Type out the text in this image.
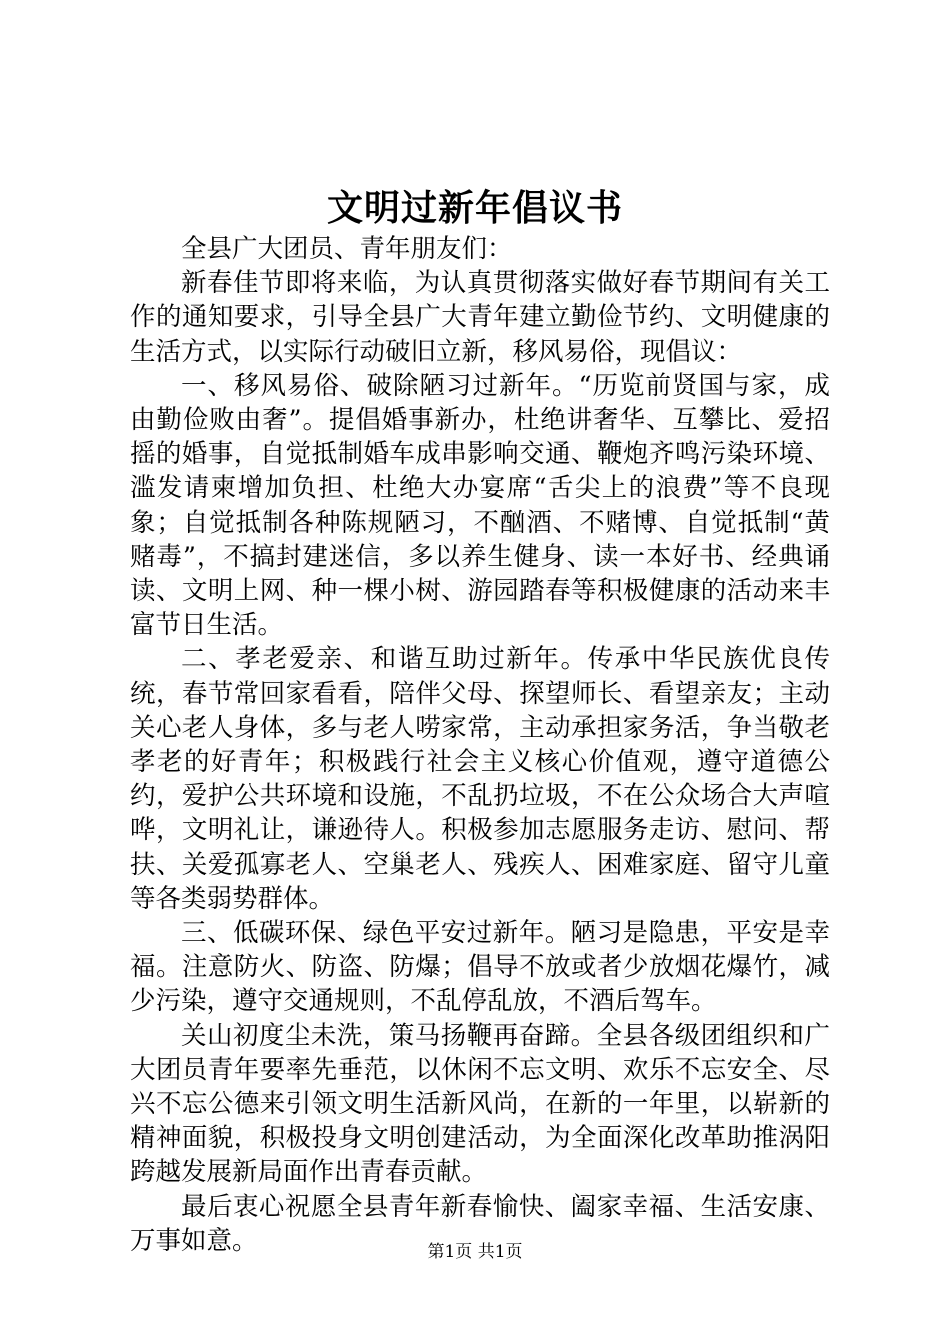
文明过新年倡议书

全县广大团员、青年朋友们：

新春佳节即将来临，为认真贯彻落实做好春节期间有关工作的通知要求，引导全县广大青年建立勤俭节约、文明健康的生活方式，以实际行动破旧立新，移风易俗，现倡议：

一、移风易俗、破除陋习过新年。“历览前贤国与家，成由勤俭败由奢”。提倡婚事新办，杜绝讲奢华、互攀比、爱招摇的婚事，自觉抵制婚车成串影响交通、鞭炮齐鸣污染环境、滥发请柬增加负担、杜绝大办宴席“舌尖上的浪费”等不良现象；自觉抵制各种陈规陋习，不酗酒、不赌博、自觉抵制“黄赌毒”，不搞封建迷信，多以养生健身、读一本好书、经典诵读、文明上网、种一棵小树、游园踏春等积极健康的活动来丰富节日生活。

二、孝老爱亲、和谐互助过新年。传承中华民族优良传统，春节常回家看看，陪伴父母、探望师长、看望亲友；主动关心老人身体，多与老人唠家常，主动承担家务活，争当敬老孝老的好青年；积极践行社会主义核心价值观，遵守道德公约，爱护公共环境和设施，不乱扔垃圾，不在公众场合大声喧哗，文明礼让，谦逊待人。积极参加志愿服务走访、慰问、帮扶、关爱孤寡老人、空巢老人、残疾人、困难家庭、留守儿童等各类弱势群体。

三、低碳环保、绿色平安过新年。陋习是隐患，平安是幸福。注意防火、防盗、防爆；倡导不放或者少放烟花爆竹，减少污染，遵守交通规则，不乱停乱放，不酒后驾车。

关山初度尘未洗，策马扬鞭再奋蹄。全县各级团组织和广大团员青年要率先垂范，以休闲不忘文明、欢乐不忘安全、尽兴不忘公德来引领文明生活新风尚，在新的一年里，以崭新的精神面貌，积极投身文明创建活动，为全面深化改革助推涡阳跨越发展新局面作出青春贡献。

最后衷心祝愿全县青年新春愉快、阖家幸福、生活安康、万事如意。	第1页 共1页
